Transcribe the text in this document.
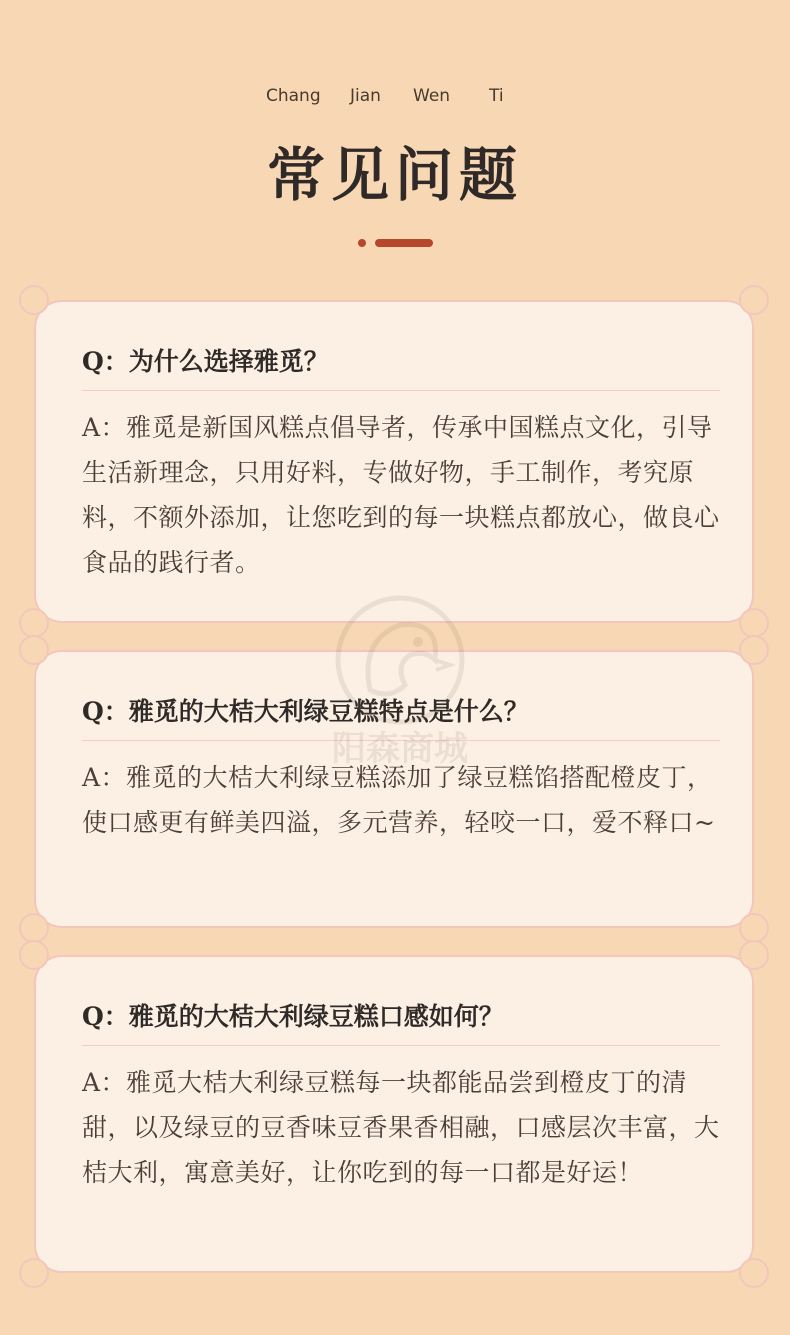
Chang Jian Wen Ti
常见问题
Q：为什么选择雅觅？
A：雅觅是新国风糕点倡导者，传承中国糕点文化，引导生活新理念，只用好料，专做好物，手工制作，考究原料，不额外添加，让您吃到的每一块糕点都放心，做良心食品的践行者。
Q：雅觅的大桔大利绿豆糕特点是什么？
A：雅觅的大桔大利绿豆糕添加了绿豆糕馅搭配橙皮丁，使口感更有鲜美四溢，多元营养，轻咬一口，爱不释口~
Q：雅觅的大桔大利绿豆糕口感如何？
A：雅觅大桔大利绿豆糕每一块都能品尝到橙皮丁的清甜，以及绿豆的豆香味豆香果香相融，口感层次丰富，大桔大利，寓意美好，让你吃到的每一口都是好运！
阳森商城
